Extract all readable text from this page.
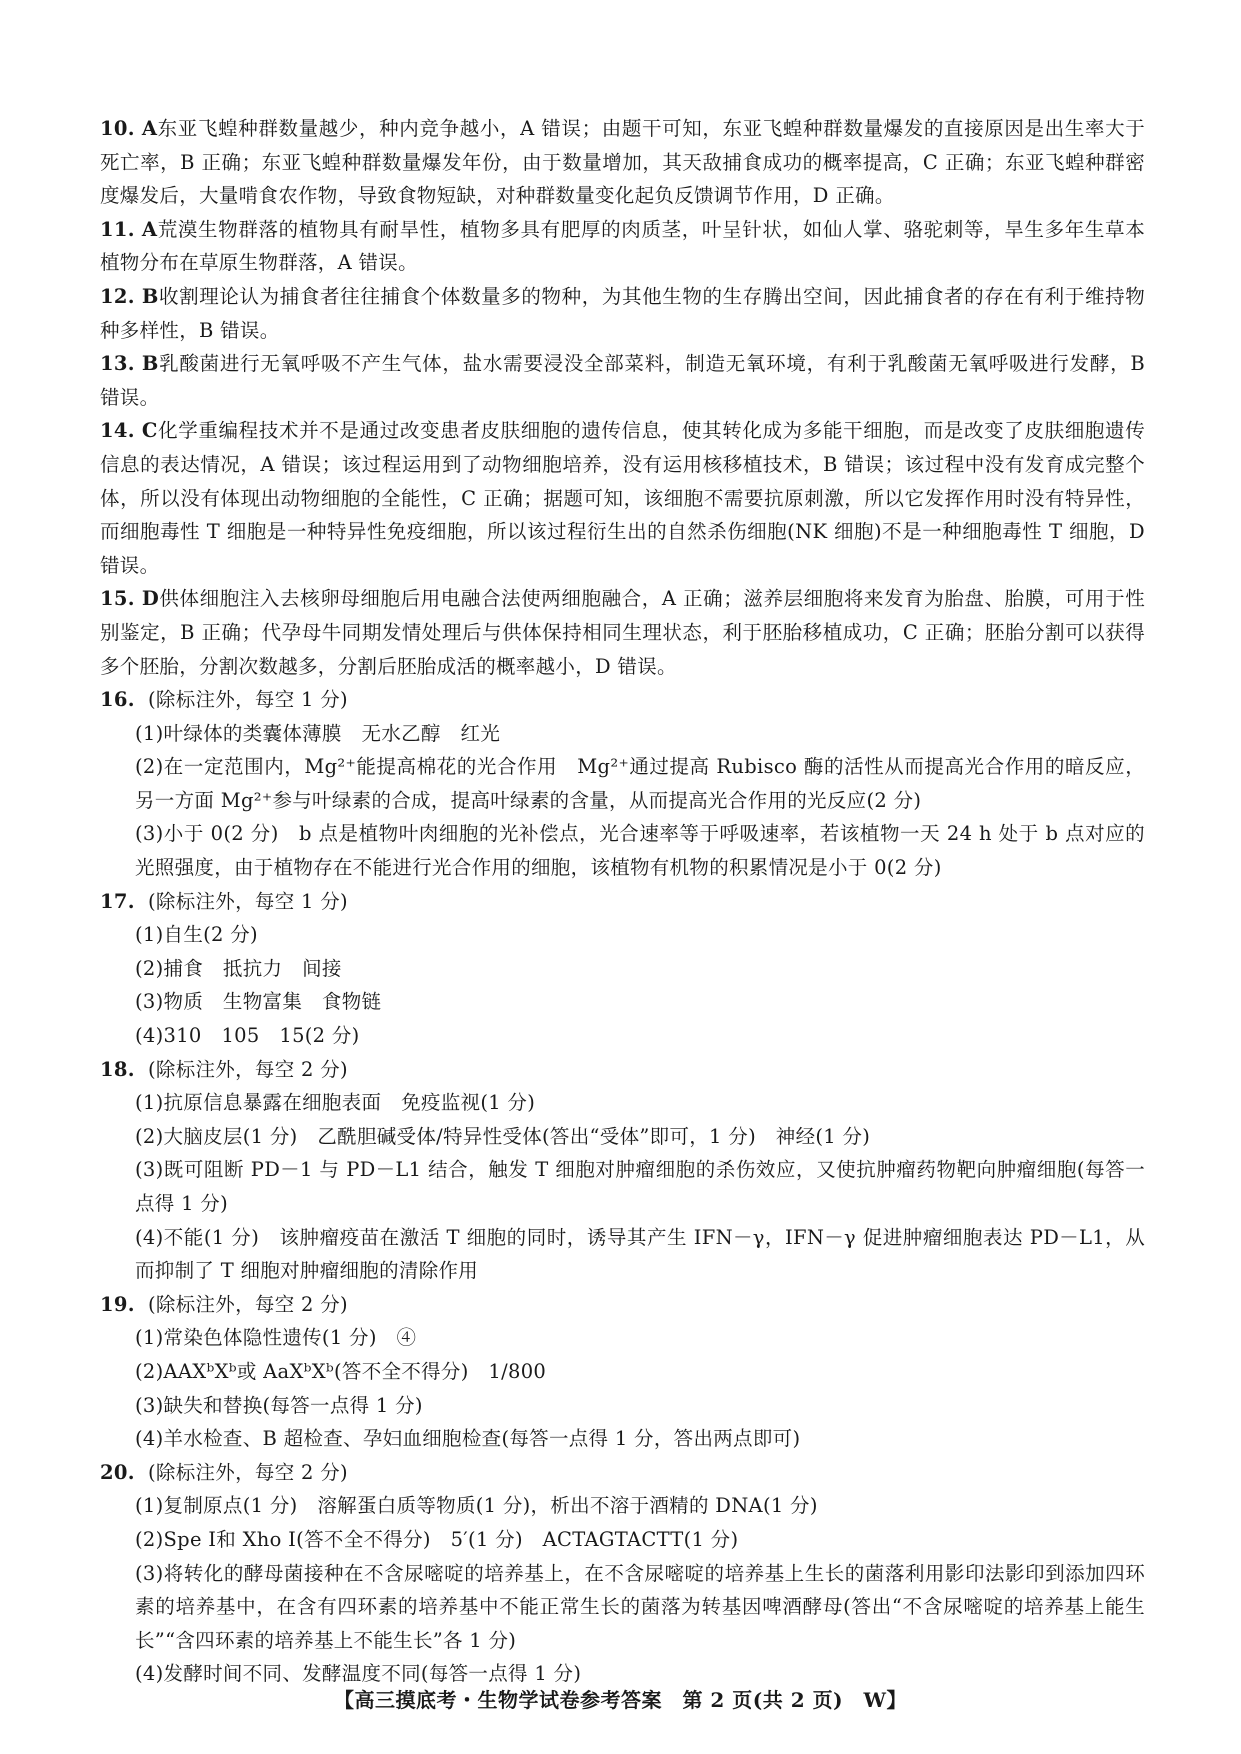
10. A东亚飞蝗种群数量越少，种内竞争越小，A 错误；由题干可知，东亚飞蝗种群数量爆发的直接原因是出生率大于死亡率，B 正确；东亚飞蝗种群数量爆发年份，由于数量增加，其天敌捕食成功的概率提高，C 正确；东亚飞蝗种群密度爆发后，大量啃食农作物，导致食物短缺，对种群数量变化起负反馈调节作用，D 正确。

11. A荒漠生物群落的植物具有耐旱性，植物多具有肥厚的肉质茎，叶呈针状，如仙人掌、骆驼刺等，旱生多年生草本植物分布在草原生物群落，A 错误。

12. B收割理论认为捕食者往往捕食个体数量多的物种，为其他生物的生存腾出空间，因此捕食者的存在有利于维持物种多样性，B 错误。

13. B乳酸菌进行无氧呼吸不产生气体，盐水需要浸没全部菜料，制造无氧环境，有利于乳酸菌无氧呼吸进行发酵，B 错误。

14. C化学重编程技术并不是通过改变患者皮肤细胞的遗传信息，使其转化成为多能干细胞，而是改变了皮肤细胞遗传信息的表达情况，A 错误；该过程运用到了动物细胞培养，没有运用核移植技术，B 错误；该过程中没有发育成完整个体，所以没有体现出动物细胞的全能性，C 正确；据题可知，该细胞不需要抗原刺激，所以它发挥作用时没有特异性，而细胞毒性 T 细胞是一种特异性免疫细胞，所以该过程衍生出的自然杀伤细胞(NK 细胞)不是一种细胞毒性 T 细胞，D 错误。

15. D供体细胞注入去核卵母细胞后用电融合法使两细胞融合，A 正确；滋养层细胞将来发育为胎盘、胎膜，可用于性别鉴定，B 正确；代孕母牛同期发情处理后与供体保持相同生理状态，利于胚胎移植成功，C 正确；胚胎分割可以获得多个胚胎，分割次数越多，分割后胚胎成活的概率越小，D 错误。

16. (除标注外，每空 1 分)

(1)叶绿体的类囊体薄膜　无水乙醇　红光

(2)在一定范围内，Mg²⁺能提高棉花的光合作用　Mg²⁺通过提高 Rubisco 酶的活性从而提高光合作用的暗反应，另一方面 Mg²⁺参与叶绿素的合成，提高叶绿素的含量，从而提高光合作用的光反应(2 分)

(3)小于 0(2 分)　b 点是植物叶肉细胞的光补偿点，光合速率等于呼吸速率，若该植物一天 24 h 处于 b 点对应的光照强度，由于植物存在不能进行光合作用的细胞，该植物有机物的积累情况是小于 0(2 分)

17. (除标注外，每空 1 分)

(1)自生(2 分)

(2)捕食　抵抗力　间接

(3)物质　生物富集　食物链

(4)310　105　15(2 分)

18. (除标注外，每空 2 分)

(1)抗原信息暴露在细胞表面　免疫监视(1 分)

(2)大脑皮层(1 分)　乙酰胆碱受体/特异性受体(答出“受体”即可，1 分)　神经(1 分)

(3)既可阻断 PD－1 与 PD－L1 结合，触发 T 细胞对肿瘤细胞的杀伤效应，又使抗肿瘤药物靶向肿瘤细胞(每答一点得 1 分)

(4)不能(1 分)　该肿瘤疫苗在激活 T 细胞的同时，诱导其产生 IFN－γ，IFN－γ 促进肿瘤细胞表达 PD－L1，从而抑制了 T 细胞对肿瘤细胞的清除作用

19. (除标注外，每空 2 分)

(1)常染色体隐性遗传(1 分)　④

(2)AAXᵇXᵇ或 AaXᵇXᵇ(答不全不得分)　1/800

(3)缺失和替换(每答一点得 1 分)

(4)羊水检查、B 超检查、孕妇血细胞检查(每答一点得 1 分，答出两点即可)

20. (除标注外，每空 2 分)

(1)复制原点(1 分)　溶解蛋白质等物质(1 分)，析出不溶于酒精的 DNA(1 分)

(2)Spe Ⅰ和 Xho Ⅰ(答不全不得分)　5′(1 分)　ACTAGTACTT(1 分)

(3)将转化的酵母菌接种在不含尿嘧啶的培养基上，在不含尿嘧啶的培养基上生长的菌落利用影印法影印到添加四环素的培养基中，在含有四环素的培养基中不能正常生长的菌落为转基因啤酒酵母(答出“不含尿嘧啶的培养基上能生长”“含四环素的培养基上不能生长”各 1 分)

(4)发酵时间不同、发酵温度不同(每答一点得 1 分)

【高三摸底考・生物学试卷参考答案　第 2 页(共 2 页)　W】
